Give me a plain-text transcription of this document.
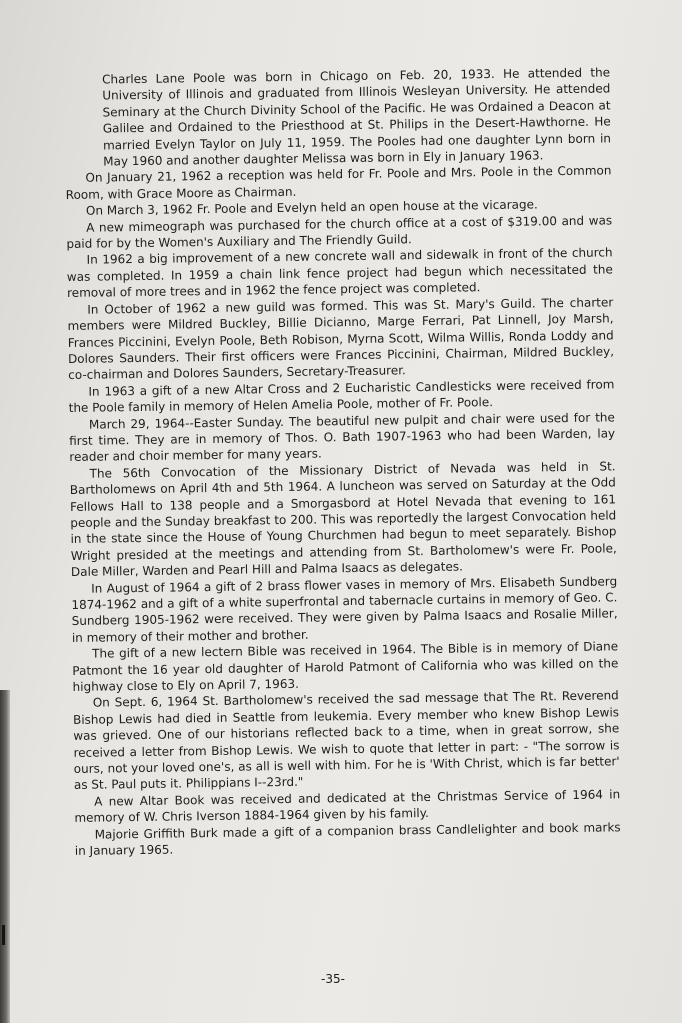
Charles Lane Poole was born in Chicago on Feb. 20, 1933. He attended the University of Illinois and graduated from Illinois Wesleyan University. He attended Seminary at the Church Divinity School of the Pacific. He was Ordained a Deacon at Galilee and Ordained to the Priesthood at St. Philips in the Desert-Hawthorne. He married Evelyn Taylor on July 11, 1959. The Pooles had one daughter Lynn born in May 1960 and another daughter Melissa was born in Ely in January 1963.

On January 21, 1962 a reception was held for Fr. Poole and Mrs. Poole in the Common Room, with Grace Moore as Chairman.

On March 3, 1962 Fr. Poole and Evelyn held an open house at the vicarage.

A new mimeograph was purchased for the church office at a cost of $319.00 and was paid for by the Women's Auxiliary and The Friendly Guild.

In 1962 a big improvement of a new concrete wall and sidewalk in front of the church was completed. In 1959 a chain link fence project had begun which necessitated the removal of more trees and in 1962 the fence project was completed.

In October of 1962 a new guild was formed. This was St. Mary's Guild. The charter members were Mildred Buckley, Billie Dicianno, Marge Ferrari, Pat Linnell, Joy Marsh, Frances Piccinini, Evelyn Poole, Beth Robison, Myrna Scott, Wilma Willis, Ronda Loddy and Dolores Saunders. Their first officers were Frances Piccinini, Chairman, Mildred Buckley, co-chairman and Dolores Saunders, Secretary-Treasurer.

In 1963 a gift of a new Altar Cross and 2 Eucharistic Candlesticks were received from the Poole family in memory of Helen Amelia Poole, mother of Fr. Poole.

March 29, 1964--Easter Sunday. The beautiful new pulpit and chair were used for the first time. They are in memory of Thos. O. Bath 1907-1963 who had been Warden, lay reader and choir member for many years.

The 56th Convocation of the Missionary District of Nevada was held in St. Bartholomews on April 4th and 5th 1964. A luncheon was served on Saturday at the Odd Fellows Hall to 138 people and a Smorgasbord at Hotel Nevada that evening to 161 people and the Sunday breakfast to 200. This was reportedly the largest Convocation held in the state since the House of Young Churchmen had begun to meet separately. Bishop Wright presided at the meetings and attending from St. Bartholomew's were Fr. Poole, Dale Miller, Warden and Pearl Hill and Palma Isaacs as delegates.

In August of 1964 a gift of 2 brass flower vases in memory of Mrs. Elisabeth Sundberg 1874-1962 and a gift of a white superfrontal and tabernacle curtains in memory of Geo. C. Sundberg 1905-1962 were received. They were given by Palma Isaacs and Rosalie Miller, in memory of their mother and brother.

The gift of a new lectern Bible was received in 1964. The Bible is in memory of Diane Patmont the 16 year old daughter of Harold Patmont of California who was killed on the highway close to Ely on April 7, 1963.

On Sept. 6, 1964 St. Bartholomew's received the sad message that The Rt. Reverend Bishop Lewis had died in Seattle from leukemia. Every member who knew Bishop Lewis was grieved. One of our historians reflected back to a time, when in great sorrow, she received a letter from Bishop Lewis. We wish to quote that letter in part: - "The sorrow is ours, not your loved one's, as all is well with him. For he is 'With Christ, which is far better' as St. Paul puts it. Philippians I--23rd."

A new Altar Book was received and dedicated at the Christmas Service of 1964 in memory of W. Chris Iverson 1884-1964 given by his family.

Majorie Griffith Burk made a gift of a companion brass Candlelighter and book marks in January 1965.

-35-
